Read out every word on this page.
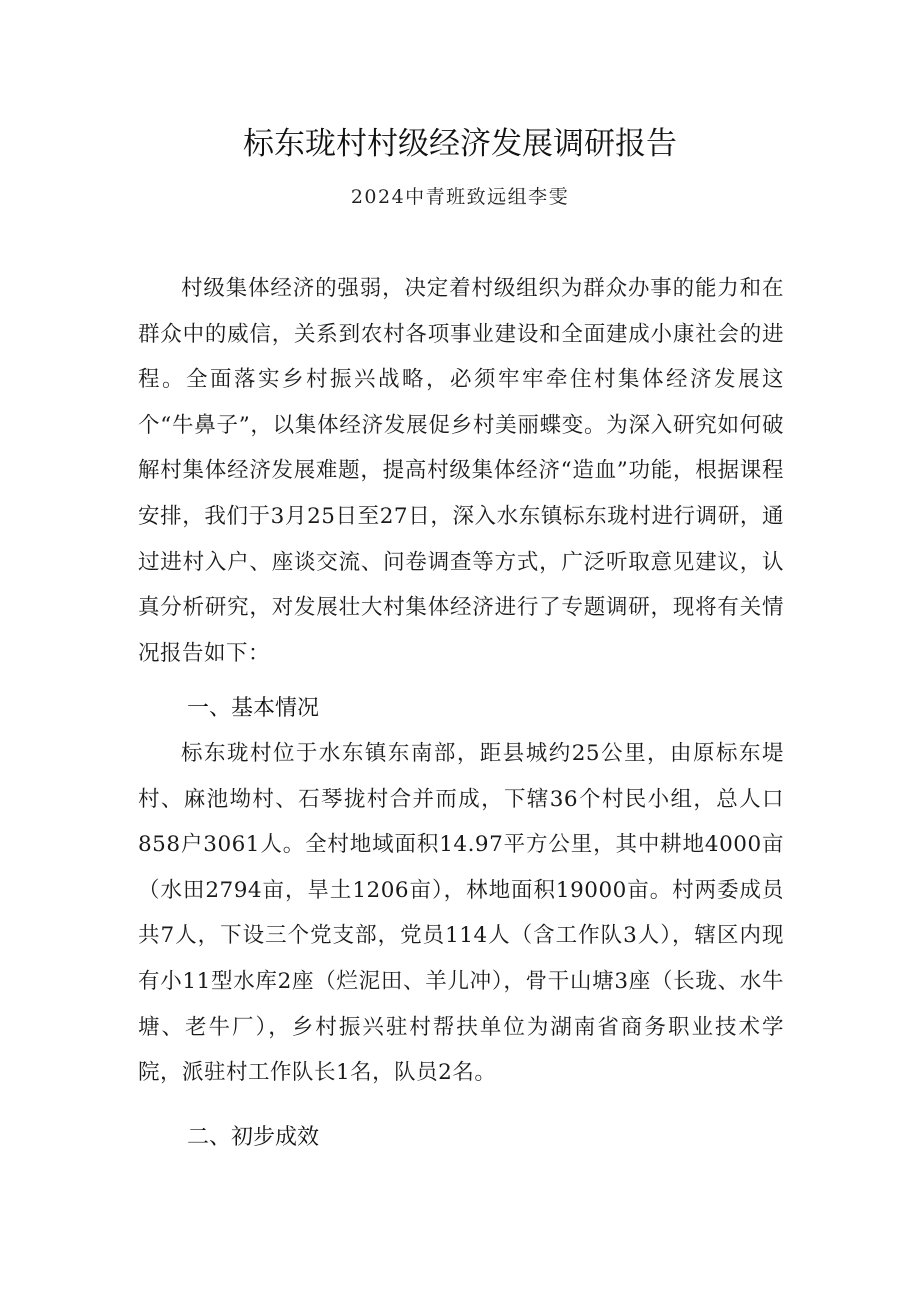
标东珑村村级经济发展调研报告
2024中青班致远组李雯

村级集体经济的强弱，决定着村级组织为群众办事的能力和在群众中的威信，关系到农村各项事业建设和全面建成小康社会的进程。全面落实乡村振兴战略，必须牢牢牵住村集体经济发展这个“牛鼻子”，以集体经济发展促乡村美丽蝶变。为深入研究如何破解村集体经济发展难题，提高村级集体经济“造血”功能，根据课程安排，我们于3月25日至27日，深入水东镇标东珑村进行调研，通过进村入户、座谈交流、问卷调查等方式，广泛听取意见建议，认真分析研究，对发展壮大村集体经济进行了专题调研，现将有关情况报告如下：

一、基本情况

标东珑村位于水东镇东南部，距县城约25公里，由原标东堤村、麻池坳村、石琴拢村合并而成，下辖36个村民小组，总人口858户3061人。全村地域面积14.97平方公里，其中耕地4000亩（水田2794亩，旱土1206亩），林地面积19000亩。村两委成员共7人，下设三个党支部，党员114人（含工作队3人），辖区内现有小11型水库2座（烂泥田、羊儿冲），骨干山塘3座（长珑、水牛塘、老牛厂），乡村振兴驻村帮扶单位为湖南省商务职业技术学院，派驻村工作队长1名，队员2名。

二、初步成效
